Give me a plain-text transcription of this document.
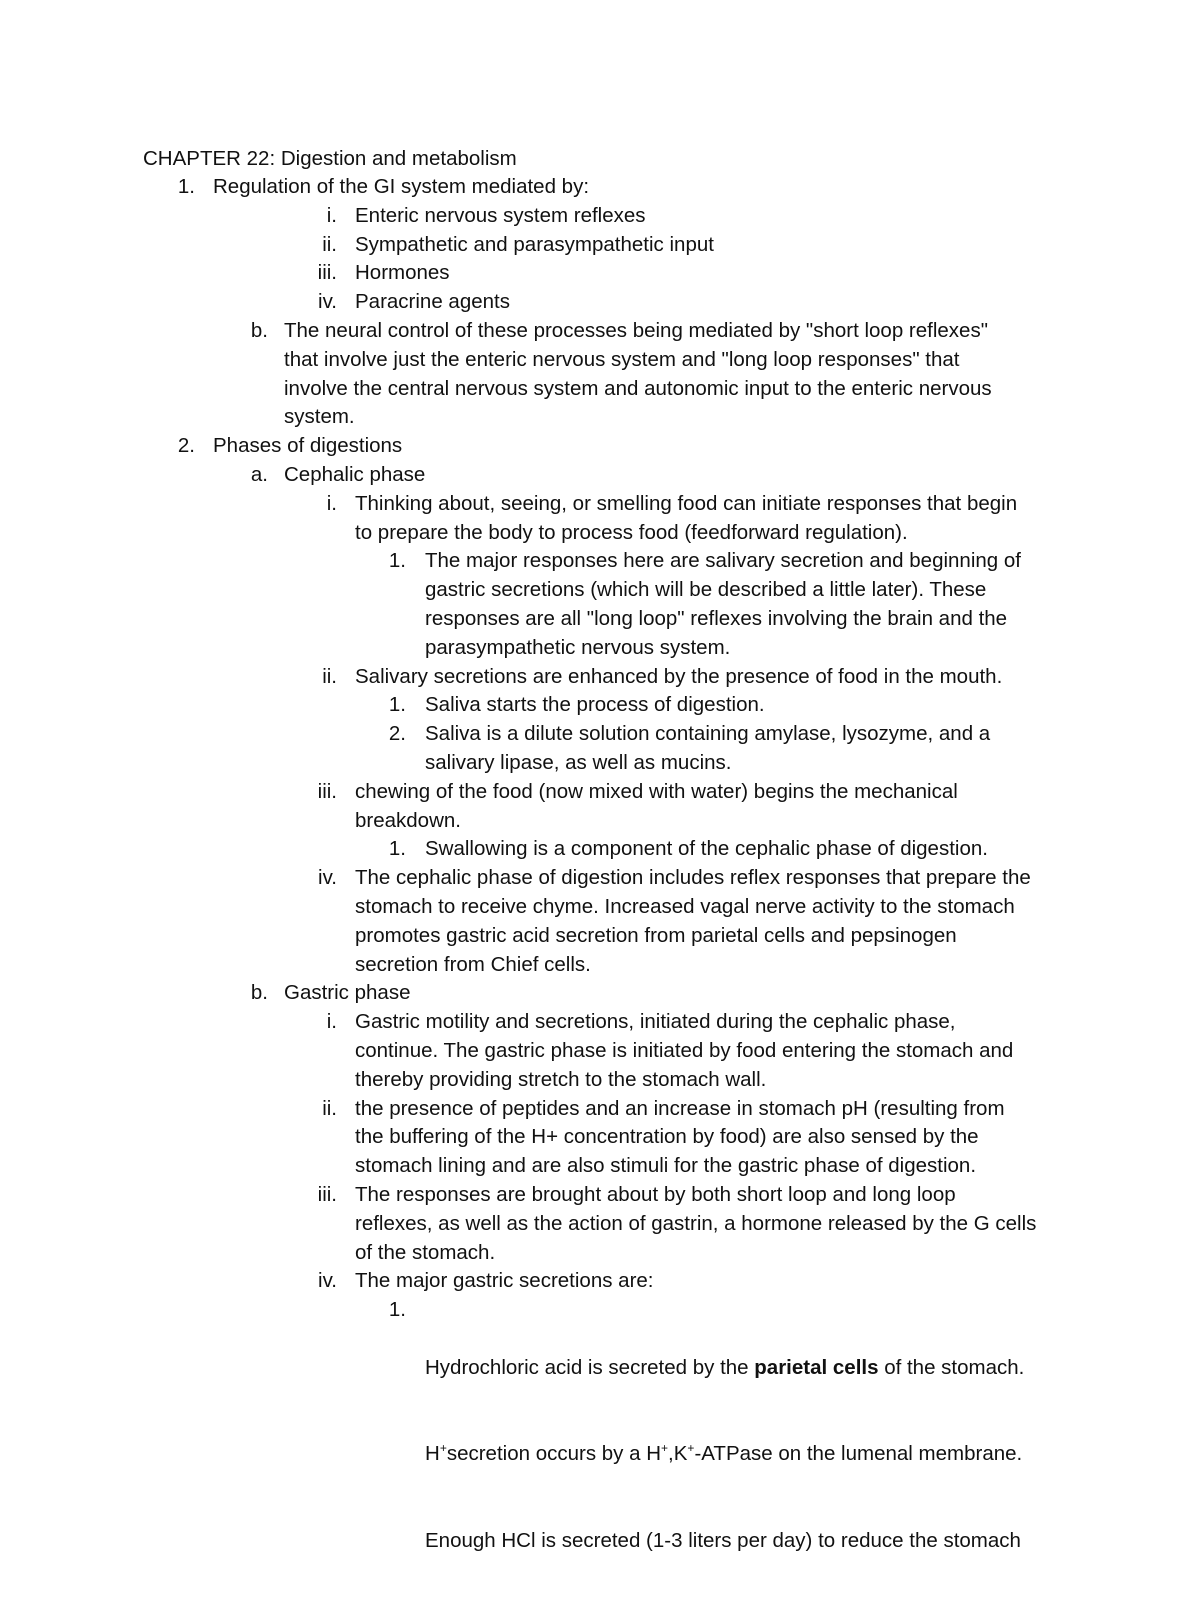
CHAPTER 22: Digestion and metabolism
1. Regulation of the GI system mediated by:
i. Enteric nervous system reflexes
ii. Sympathetic and parasympathetic input
iii. Hormones
iv. Paracrine agents
b. The neural control of these processes being mediated by "short loop reflexes"
that involve just the enteric nervous system and "long loop responses" that
involve the central nervous system and autonomic input to the enteric nervous
system.
2. Phases of digestions
a. Cephalic phase
i. Thinking about, seeing, or smelling food can initiate responses that begin
to prepare the body to process food (feedforward regulation).
1. The major responses here are salivary secretion and beginning of
gastric secretions (which will be described a little later). These
responses are all "long loop" reflexes involving the brain and the
parasympathetic nervous system.
ii. Salivary secretions are enhanced by the presence of food in the mouth.
1. Saliva starts the process of digestion.
2. Saliva is a dilute solution containing amylase, lysozyme, and a
salivary lipase, as well as mucins.
iii. chewing of the food (now mixed with water) begins the mechanical
breakdown.
1. Swallowing is a component of the cephalic phase of digestion.
iv. The cephalic phase of digestion includes reflex responses that prepare the
stomach to receive chyme. Increased vagal nerve activity to the stomach
promotes gastric acid secretion from parietal cells and pepsinogen
secretion from Chief cells.
b. Gastric phase
i. Gastric motility and secretions, initiated during the cephalic phase,
continue. The gastric phase is initiated by food entering the stomach and
thereby providing stretch to the stomach wall.
ii. the presence of peptides and an increase in stomach pH (resulting from
the buffering of the H+ concentration by food) are also sensed by the
stomach lining and are also stimuli for the gastric phase of digestion.
iii. The responses are brought about by both short loop and long loop
reflexes, as well as the action of gastrin, a hormone released by the G cells
of the stomach.
iv. The major gastric secretions are:
1.

Hydrochloric acid is secreted by the parietal cells of the stomach.

H+secretion occurs by a H+,K+-ATPase on the lumenal membrane.

Enough HCl is secreted (1-3 liters per day) to reduce the stomach
